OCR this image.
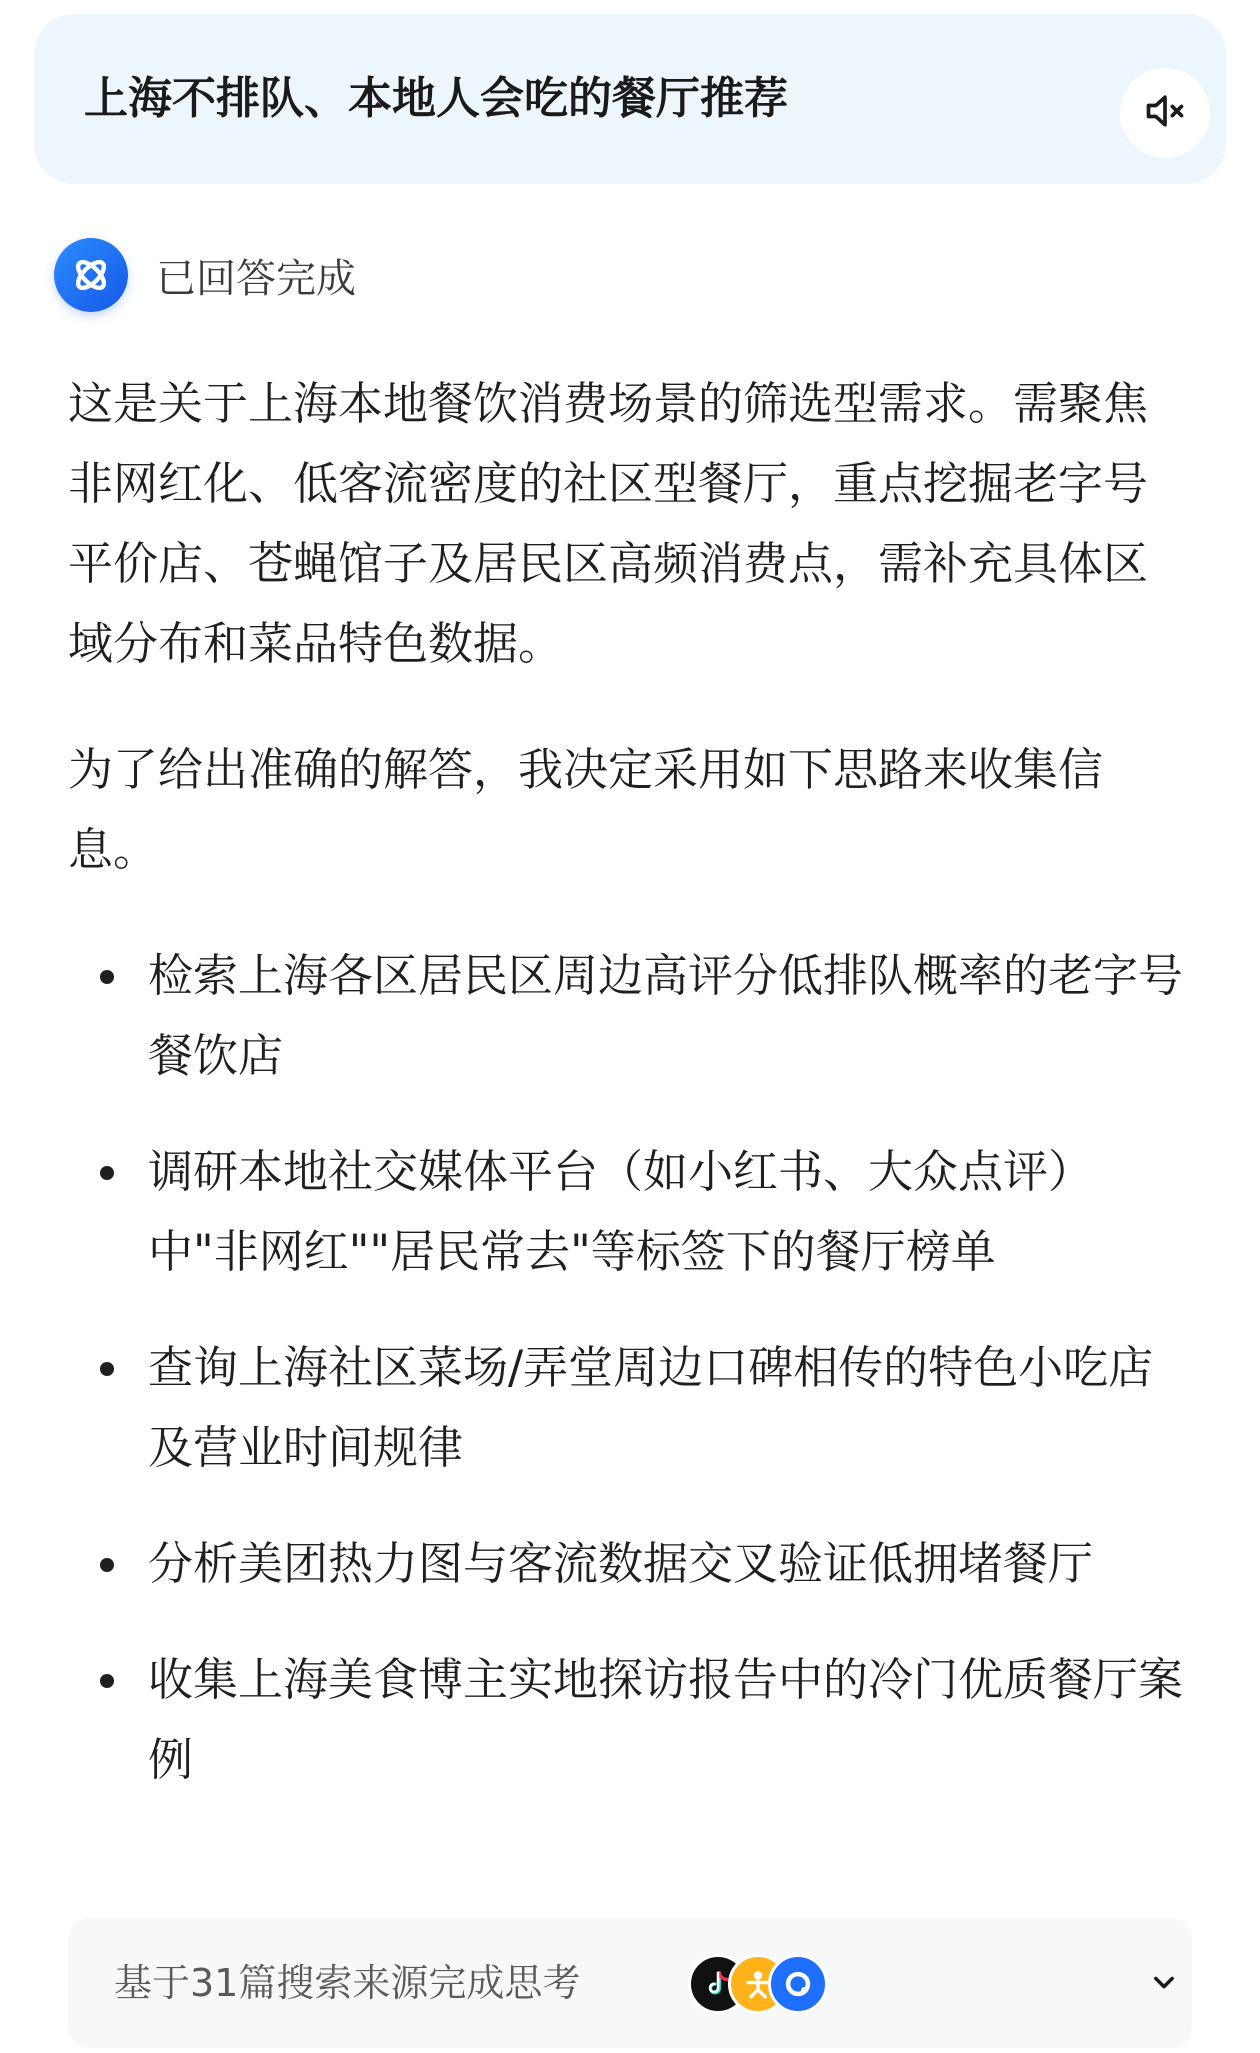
上海不排队、本地人会吃的餐厅推荐
已回答完成

这是关于上海本地餐饮消费场景的筛选型需求。需聚焦非网红化、低客流密度的社区型餐厅，重点挖掘老字号平价店、苍蝇馆子及居民区高频消费点，需补充具体区域分布和菜品特色数据。

为了给出准确的解答，我决定采用如下思路来收集信息。

检索上海各区居民区周边高评分低排队概率的老字号餐饮店
调研本地社交媒体平台（如小红书、大众点评）中"非网红""居民常去"等标签下的餐厅榜单
查询上海社区菜场/弄堂周边口碑相传的特色小吃店及营业时间规律
分析美团热力图与客流数据交叉验证低拥堵餐厅
收集上海美食博主实地探访报告中的冷门优质餐厅案例
基于31篇搜索来源完成思考
